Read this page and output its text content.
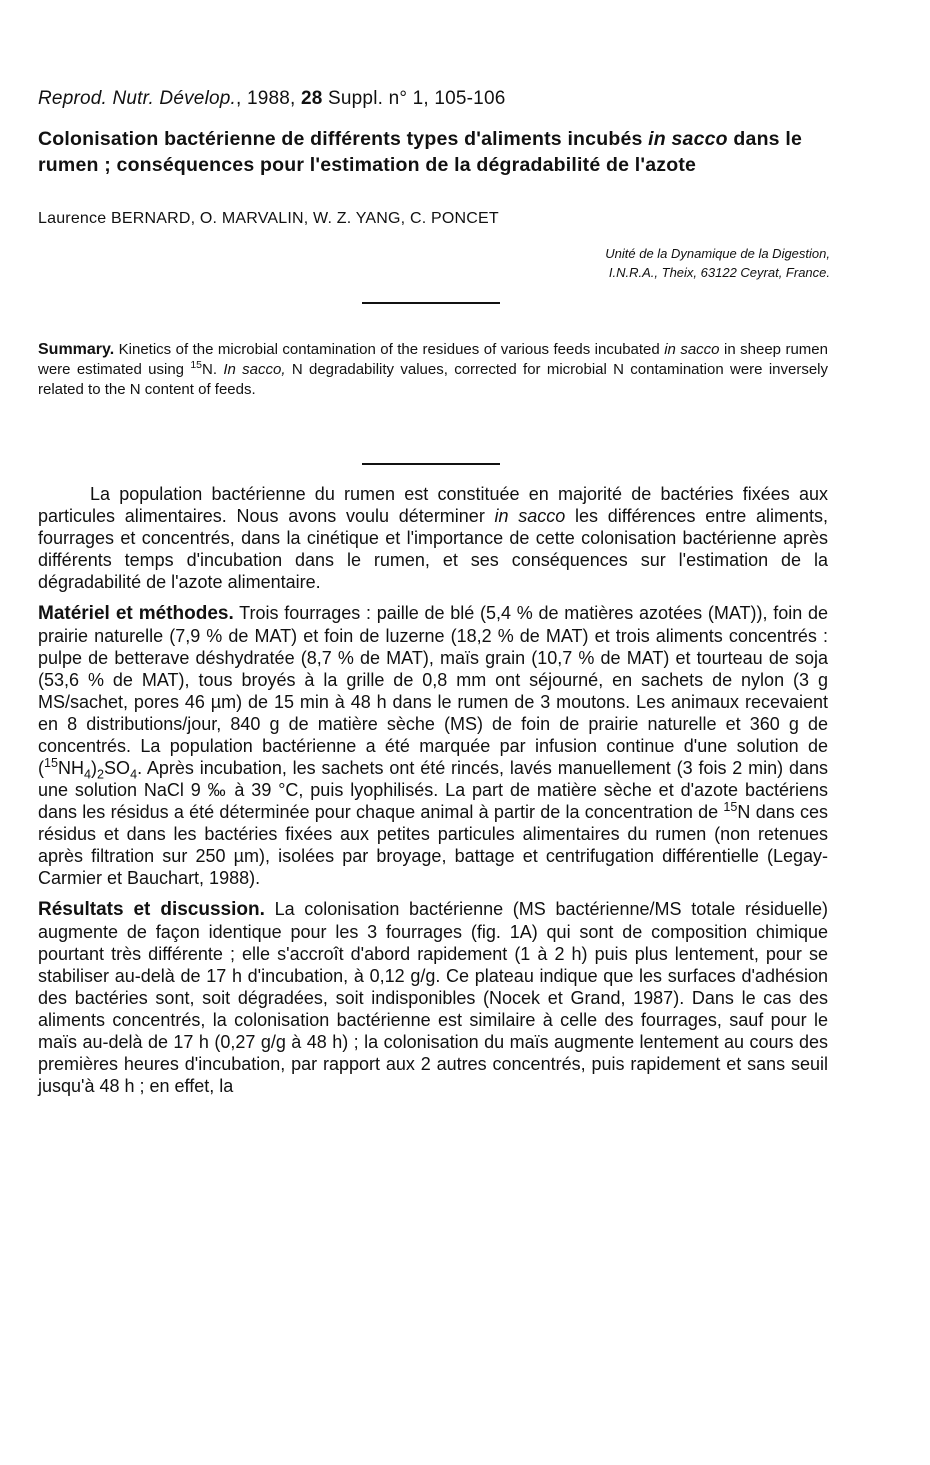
Reprod. Nutr. Dévelop., 1988, 28 Suppl. n° 1, 105-106
Colonisation bactérienne de différents types d'aliments incubés in sacco dans le rumen ; conséquences pour l'estimation de la dégradabilité de l'azote
Laurence BERNARD, O. MARVALIN, W. Z. YANG, C. PONCET
Unité de la Dynamique de la Digestion,
I.N.R.A., Theix, 63122 Ceyrat, France.
Summary. Kinetics of the microbial contamination of the residues of various feeds incubated in sacco in sheep rumen were estimated using $^{15}$N. In sacco, N degradability values, corrected for microbial N contamination were inversely related to the N content of feeds.

La population bactérienne du rumen est constituée en majorité de bactéries fixées aux particules alimentaires. Nous avons voulu déterminer in sacco les différences entre aliments, fourrages et concentrés, dans la cinétique et l'importance de cette colonisation bactérienne après différents temps d'incubation dans le rumen, et ses conséquences sur l'estimation de la dégradabilité de l'azote alimentaire.

Matériel et méthodes. Trois fourrages : paille de blé (5,4 % de matières azotées (MAT)), foin de prairie naturelle (7,9 % de MAT) et foin de luzerne (18,2 % de MAT) et trois aliments concentrés : pulpe de betterave déshydratée (8,7 % de MAT), maïs grain (10,7 % de MAT) et tourteau de soja (53,6 % de MAT), tous broyés à la grille de 0,8 mm ont séjourné, en sachets de nylon (3 g MS/sachet, pores 46 µm) de 15 min à 48 h dans le rumen de 3 moutons. Les animaux recevaient en 8 distributions/jour, 840 g de matière sèche (MS) de foin de prairie naturelle et 360 g de concentrés. La population bactérienne a été marquée par infusion continue d'une solution de $(^{15}NH_4)_2SO_4$. Après incubation, les sachets ont été rincés, lavés manuellement (3 fois 2 min) dans une solution NaCl 9 ‰ à 39 °C, puis lyophilisés. La part de matière sèche et d'azote bactériens dans les résidus a été déterminée pour chaque animal à partir de la concentration de $^{15}$N dans ces résidus et dans les bactéries fixées aux petites particules alimentaires du rumen (non retenues après filtration sur 250 µm), isolées par broyage, battage et centrifugation différentielle (Legay-Carmier et Bauchart, 1988).

Résultats et discussion. La colonisation bactérienne (MS bactérienne/MS totale résiduelle) augmente de façon identique pour les 3 fourrages (fig. 1A) qui sont de composition chimique pourtant très différente ; elle s'accroît d'abord rapidement (1 à 2 h) puis plus lentement, pour se stabiliser au-delà de 17 h d'incubation, à 0,12 g/g. Ce plateau indique que les surfaces d'adhésion des bactéries sont, soit dégradées, soit indisponibles (Nocek et Grand, 1987). Dans le cas des aliments concentrés, la colonisation bactérienne est similaire à celle des fourrages, sauf pour le maïs au-delà de 17 h (0,27 g/g à 48 h) ; la colonisation du maïs augmente lentement au cours des premières heures d'incubation, par rapport aux 2 autres concentrés, puis rapidement et sans seuil jusqu'à 48 h ; en effet, la
